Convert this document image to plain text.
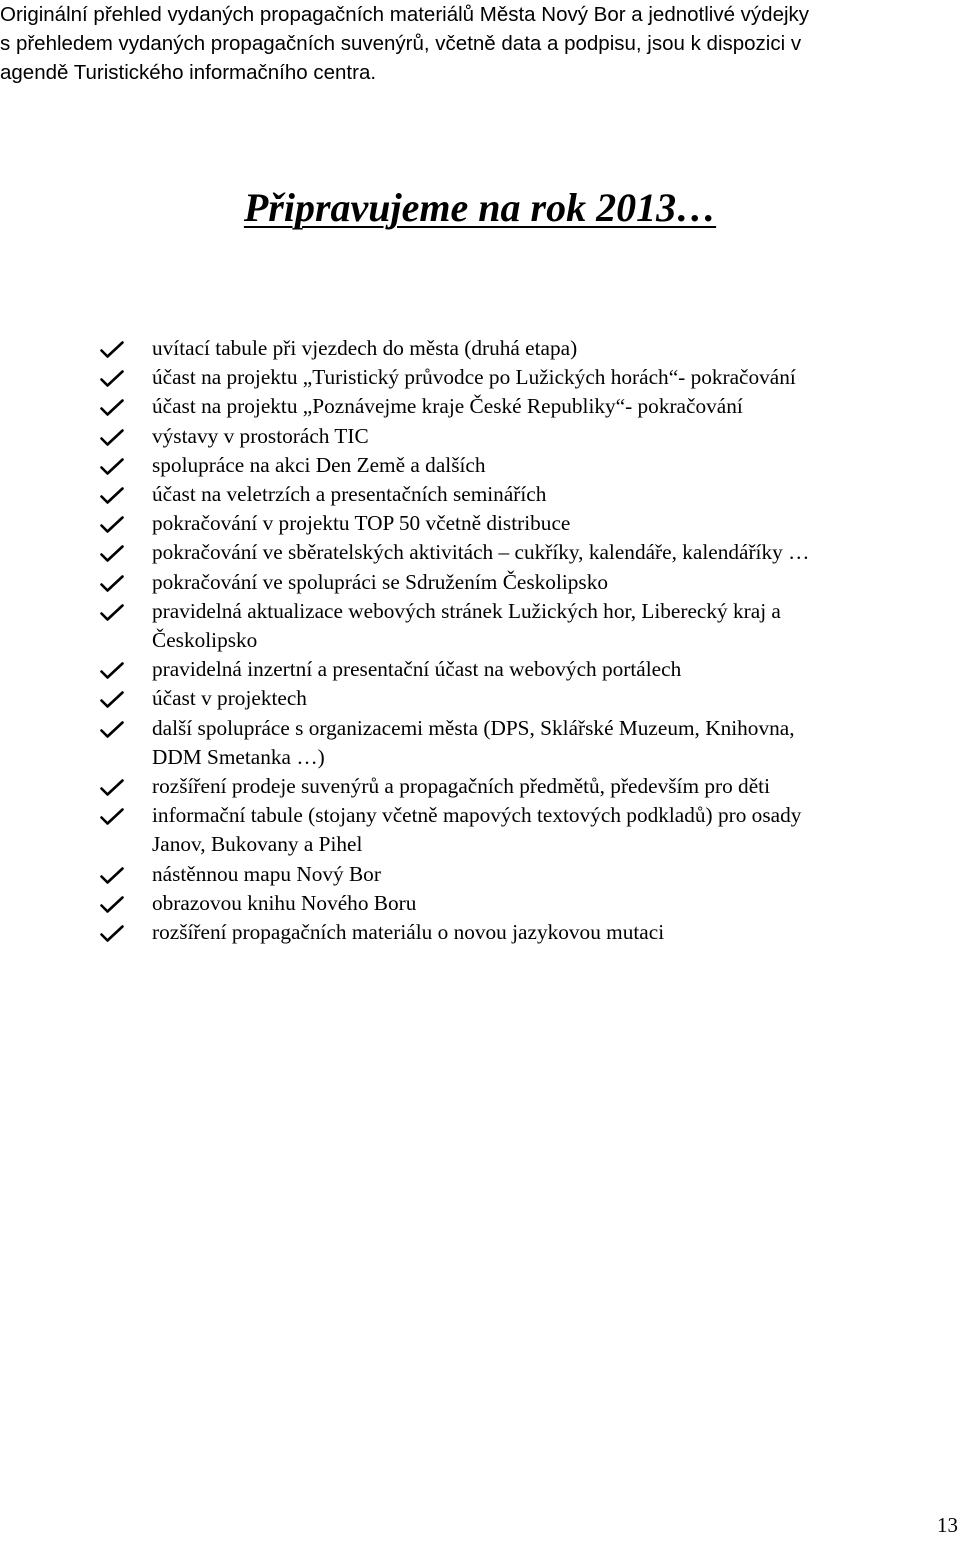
Originální přehled vydaných propagačních materiálů Města Nový Bor a jednotlivé výdejky
s přehledem vydaných propagačních suvenýrů, včetně data a podpisu, jsou k dispozici v
agendě Turistického informačního centra.
Připravujeme na rok 2013…
uvítací tabule při vjezdech do města (druhá etapa)
účast na projektu „Turistický průvodce po Lužických horách“- pokračování
účast na projektu „Poznávejme kraje České Republiky“- pokračování
výstavy v prostorách TIC
spolupráce na akci Den Země a dalších
účast na veletrzích a presentačních seminářích
pokračování v projektu TOP 50 včetně distribuce
pokračování ve sběratelských aktivitách – cukříky, kalendáře, kalendáříky …
pokračování ve spolupráci se Sdružením Českolipsko
pravidelná aktualizace webových stránek Lužických hor, Liberecký kraj a
Českolipsko
pravidelná inzertní a presentační účast na webových portálech
účast v projektech
další spolupráce s organizacemi města (DPS, Sklářské Muzeum, Knihovna,
DDM Smetanka …)
rozšíření prodeje suvenýrů a propagačních předmětů, především pro děti
informační tabule (stojany včetně mapových textových podkladů) pro osady
Janov, Bukovany a Pihel
nástěnnou mapu Nový Bor
obrazovou knihu Nového Boru
rozšíření propagačních materiálu o novou jazykovou mutaci
13
